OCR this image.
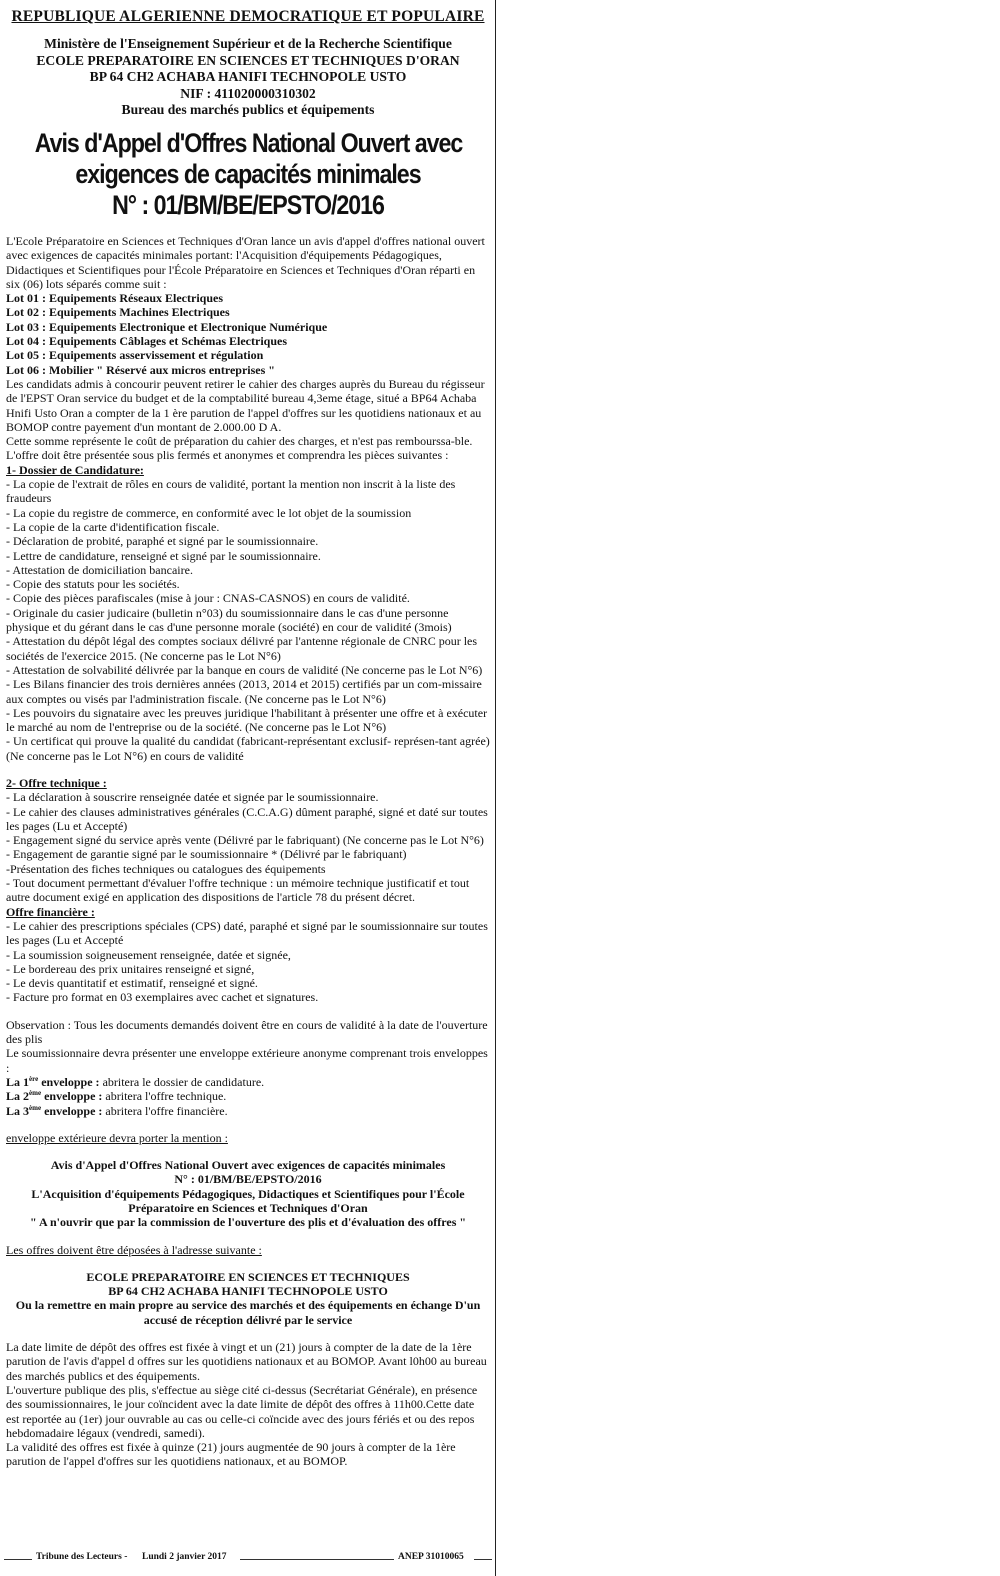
REPUBLIQUE ALGERIENNE DEMOCRATIQUE ET POPULAIRE
Ministère de l'Enseignement Supérieur et de la Recherche Scientifique
ECOLE PREPARATOIRE EN SCIENCES ET TECHNIQUES D'ORAN
BP 64 CH2 ACHABA HANIFI TECHNOPOLE USTO
NIF : 411020000310302
Bureau des marchés publics et équipements
Avis d'Appel d'Offres National Ouvert avec
exigences de capacités minimales
N° : 01/BM/BE/EPSTO/2016

L'Ecole Préparatoire en Sciences et Techniques d'Oran lance un avis d'appel d'offres national ouvert avec exigences de capacités minimales portant: l'Acquisition d'équipements Pédagogiques, Didactiques et Scientifiques pour l'École Préparatoire en Sciences et Techniques d'Oran réparti en six (06) lots séparés comme suit :

Lot 01 : Equipements Réseaux Electriques

Lot 02 : Equipements Machines Electriques

Lot 03 : Equipements Electronique et Electronique Numérique

Lot 04 : Equipements Câblages et Schémas Electriques

Lot 05 : Equipements asservissement et régulation

Lot 06 : Mobilier " Réservé aux micros entreprises "

Les candidats admis à concourir peuvent retirer le cahier des charges auprès du Bureau du régisseur de l'EPST Oran service du budget et de la comptabilité bureau 4,3eme étage, situé a BP64 Achaba Hnifi Usto Oran a compter de la 1 ère parution de l'appel d'offres sur les quotidiens nationaux et au BOMOP contre payement d'un montant de 2.000.00 D A.

Cette somme représente le coût de préparation du cahier des charges, et n'est pas rembourssa-ble.

L'offre doit être présentée sous plis fermés et anonymes et comprendra les pièces suivantes :

1- Dossier de Candidature:

- La copie de l'extrait de rôles en cours de validité, portant la mention non inscrit à la liste des fraudeurs

- La copie du registre de commerce, en conformité avec le lot objet de la soumission

- La copie de la carte d'identification fiscale.

- Déclaration de probité, paraphé et signé par le soumissionnaire.

- Lettre de candidature, renseigné et signé par le soumissionnaire.

- Attestation de domiciliation bancaire.

- Copie des statuts pour les sociétés.

- Copie des pièces parafiscales (mise à jour : CNAS-CASNOS) en cours de validité.

- Originale du casier judicaire (bulletin n°03) du soumissionnaire dans le cas d'une personne physique et du gérant dans le cas d'une personne morale (société) en cour de validité (3mois)

- Attestation du dépôt légal des comptes sociaux délivré par l'antenne régionale de CNRC pour les sociétés de l'exercice 2015. (Ne concerne pas le Lot N°6)

- Attestation de solvabilité délivrée par la banque en cours de validité (Ne concerne pas le Lot N°6)

- Les Bilans financier des trois dernières années (2013, 2014 et 2015) certifiés par un com-missaire aux comptes ou visés par l'administration fiscale. (Ne concerne pas le Lot N°6)

- Les pouvoirs du signataire avec les preuves juridique l'habilitant à présenter une offre et à exécuter le marché au nom de l'entreprise ou de la société. (Ne concerne pas le Lot N°6)

- Un certificat qui prouve la qualité du candidat (fabricant-représentant exclusif- représen-tant agrée) (Ne concerne pas le Lot N°6) en cours de validité

2- Offre technique :

- La déclaration à souscrire renseignée datée et signée par le soumissionnaire.

- Le cahier des clauses administratives générales (C.C.A.G) dûment paraphé, signé et daté sur toutes les pages (Lu et Accepté)

- Engagement signé du service après vente (Délivré par le fabriquant) (Ne concerne pas le Lot N°6)

- Engagement de garantie signé par le soumissionnaire * (Délivré par le fabriquant)

-Présentation des fiches techniques ou catalogues des équipements

- Tout document permettant d'évaluer l'offre technique : un mémoire technique justificatif et tout autre document exigé en application des dispositions de l'article 78 du présent décret.

Offre financière :

- Le cahier des prescriptions spéciales (CPS) daté, paraphé et signé par le soumissionnaire sur toutes les pages (Lu et Accepté

- La soumission soigneusement renseignée, datée et signée,

- Le bordereau des prix unitaires renseigné et signé,

- Le devis quantitatif et estimatif, renseigné et signé.

- Facture pro format en 03 exemplaires avec cachet et signatures.

Observation : Tous les documents demandés doivent être en cours de validité à la date de l'ouverture des plis

Le soumissionnaire devra présenter une enveloppe extérieure anonyme comprenant trois enveloppes :

La 1ère enveloppe : abritera le dossier de candidature.

La 2ème enveloppe : abritera l'offre technique.

La 3ème enveloppe : abritera l'offre financière.

enveloppe extérieure devra porter la mention :

Avis d'Appel d'Offres National Ouvert avec exigences de capacités minimales

N° : 01/BM/BE/EPSTO/2016

L'Acquisition d'équipements Pédagogiques, Didactiques et Scientifiques pour l'École Préparatoire en Sciences et Techniques d'Oran

" A n'ouvrir que par la commission de l'ouverture des plis et d'évaluation des offres "

Les offres doivent être déposées à l'adresse suivante :

ECOLE PREPARATOIRE EN SCIENCES ET TECHNIQUES

BP 64 CH2 ACHABA HANIFI TECHNOPOLE USTO

Ou la remettre en main propre au service des marchés et des équipements en échange D'un accusé de réception délivré par le service

La date limite de dépôt des offres est fixée à vingt et un (21) jours à compter de la date de la 1ère parution de l'avis d'appel d offres sur les quotidiens nationaux et au BOMOP. Avant l0h00 au bureau des marchés publics et des équipements.

L'ouverture publique des plis, s'effectue au siège cité ci-dessus (Secrétariat Générale), en présence des soumissionnaires, le jour coïncident avec la date limite de dépôt des offres à 11h00.Cette date est reportée au (1er) jour ouvrable au cas ou celle-ci coïncide avec des jours fériés et ou des repos hebdomadaire légaux (vendredi, samedi).

La validité des offres est fixée à quinze (21) jours augmentée de 90 jours à compter de la 1ère parution de l'appel d'offres sur les quotidiens nationaux, et au BOMOP.

Tribune des Lecteurs - Lundi 2 janvier 2017	ANEP 31010065
